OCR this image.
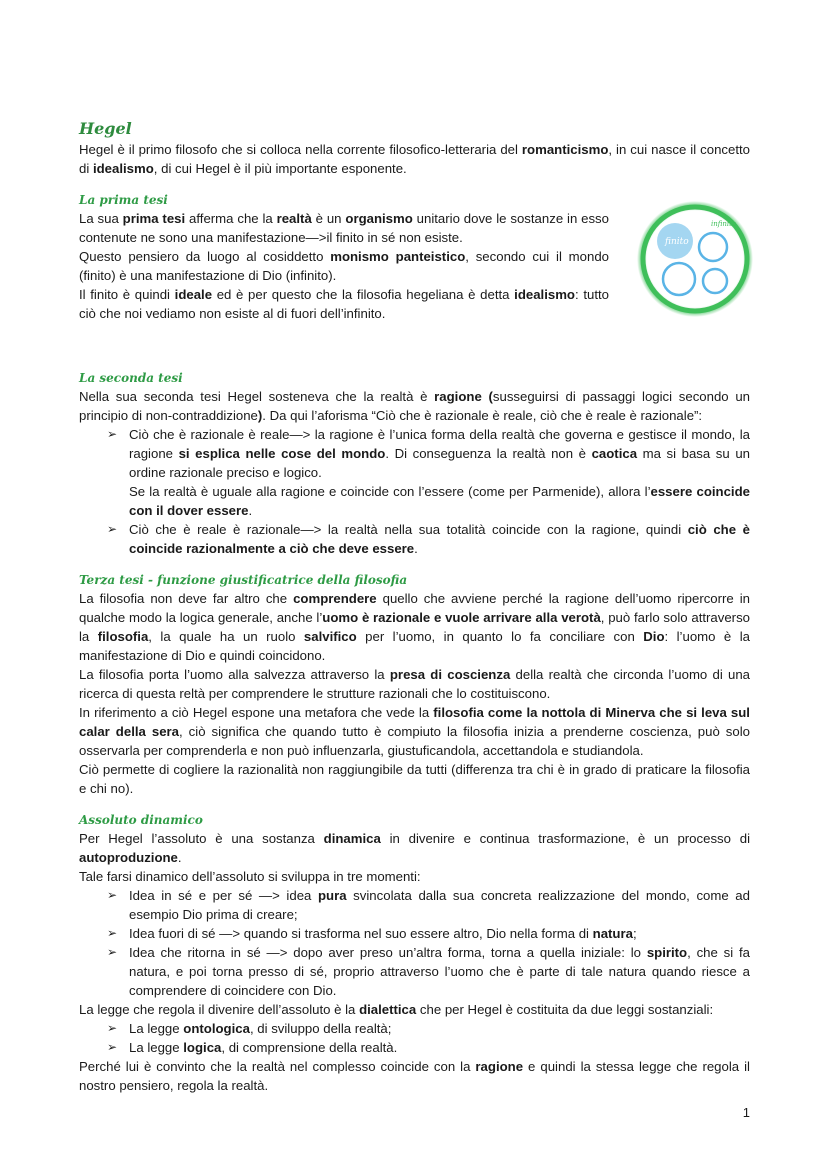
Hegel

Hegel è il primo filosofo che si colloca nella corrente filosofico-letteraria del romanticismo, in cui nasce il concetto di idealismo, di cui Hegel è il più importante esponente.

La prima tesi

La sua prima tesi afferma che la realtà è un organismo unitario dove le sostanze in esso contenute ne sono una manifestazione—>il finito in sé non esiste.

Questo pensiero da luogo al cosiddetto monismo panteistico, secondo cui il mondo (finito) è una manifestazione di Dio (infinito).

Il finito è quindi ideale ed è per questo che la filosofia hegeliana è detta idealismo: tutto ciò che noi vediamo non esiste al di fuori dell’infinito.

finito
infinito
La seconda tesi

Nella sua seconda tesi Hegel sosteneva che la realtà è ragione (susseguirsi di passaggi logici secondo un principio di non-contraddizione). Da qui l’aforisma “Ciò che è razionale è reale, ciò che è reale è razionale”:

➢ Ciò che è razionale è reale—> la ragione è l’unica forma della realtà che governa e gestisce il mondo, la ragione si esplica nelle cose del mondo. Di conseguenza la realtà non è caotica ma si basa su un ordine razionale preciso e logico.

Se la realtà è uguale alla ragione e coincide con l’essere (come per Parmenide), allora l’essere coincide con il dover essere.

➢ Ciò che è reale è razionale—> la realtà nella sua totalità coincide con la ragione, quindi ciò che è coincide razionalmente a ciò che deve essere.

Terza tesi - funzione giustificatrice della filosofia

La filosofia non deve far altro che comprendere quello che avviene perché la ragione dell’uomo ripercorre in qualche modo la logica generale, anche l’uomo è razionale e vuole arrivare alla verotà, può farlo solo attraverso la filosofia, la quale ha un ruolo salvifico per l’uomo, in quanto lo fa conciliare con Dio: l’uomo è la manifestazione di Dio e quindi coincidono.

La filosofia porta l’uomo alla salvezza attraverso la presa di coscienza della realtà che circonda l’uomo di una ricerca di questa reltà per comprendere le strutture razionali che lo costituiscono.

In riferimento a ciò Hegel espone una metafora che vede la filosofia come la nottola di Minerva che si leva sul calar della sera, ciò significa che quando tutto è compiuto la filosofia inizia a prenderne coscienza, può solo osservarla per comprenderla e non può influenzarla, giustuficandola, accettandola e studiandola.

Ciò permette di cogliere la razionalità non raggiungibile da tutti (differenza tra chi è in grado di praticare la filosofia e chi no).

Assoluto dinamico

Per Hegel l’assoluto è una sostanza dinamica in divenire e continua trasformazione, è un processo di autoproduzione.

Tale farsi dinamico dell’assoluto si sviluppa in tre momenti:

➢ Idea in sé e per sé —> idea pura svincolata dalla sua concreta realizzazione del mondo, come ad esempio Dio prima di creare;

➢ Idea fuori di sé —> quando si trasforma nel suo essere altro, Dio nella forma di natura;

➢ Idea che ritorna in sé —> dopo aver preso un’altra forma, torna a quella iniziale: lo spirito, che si fa natura, e poi torna presso di sé, proprio attraverso l’uomo che è parte di tale natura quando riesce a comprendere di coincidere con Dio.

La legge che regola il divenire dell’assoluto è la dialettica che per Hegel è costituita da due leggi sostanziali:

➢ La legge ontologica, di sviluppo della realtà;

➢ La legge logica, di comprensione della realtà.

Perché lui è convinto che la realtà nel complesso coincide con la ragione e quindi la stessa legge che regola il nostro pensiero, regola la realtà.

1
